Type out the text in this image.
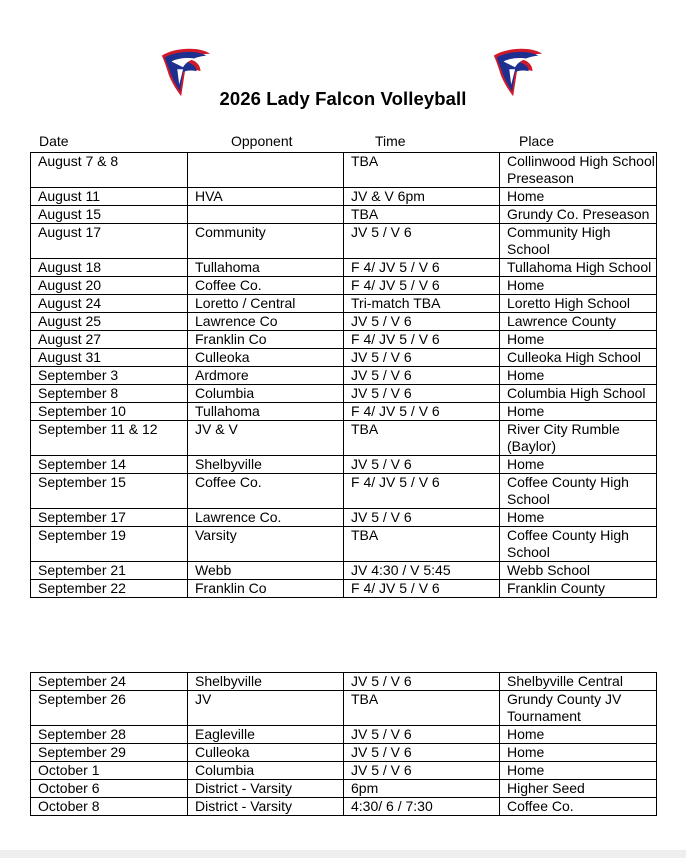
2026 Lady Falcon Volleyball
Date	Opponent	Time	Place
August 7 & 8		TBA	Collinwood High School Preseason
August 11	HVA	JV & V 6pm	Home
August 15		TBA	Grundy Co. Preseason
August 17	Community	JV 5 / V 6	Community High School
August 18	Tullahoma	F 4/ JV 5 / V 6	Tullahoma High School
August 20	Coffee Co.	F 4/ JV 5 / V 6	Home
August 24	Loretto / Central	Tri-match TBA	Loretto High School
August 25	Lawrence Co	JV 5 / V 6	Lawrence County
August 27	Franklin Co	F 4/ JV 5 / V 6	Home
August 31	Culleoka	JV 5 / V 6	Culleoka High School
September 3	Ardmore	JV 5 / V 6	Home
September 8	Columbia	JV 5 / V 6	Columbia High School
September 10	Tullahoma	F 4/ JV 5 / V 6	Home
September 11 & 12	JV & V	TBA	River City Rumble (Baylor)
September 14	Shelbyville	JV 5 / V 6	Home
September 15	Coffee Co.	F 4/ JV 5 / V 6	Coffee County High School
September 17	Lawrence Co.	JV 5 / V 6	Home
September 19	Varsity	TBA	Coffee County High School
September 21	Webb	JV 4:30 / V 5:45	Webb School
September 22	Franklin Co	F 4/ JV 5 / V 6	Franklin County
September 24	Shelbyville	JV 5 / V 6	Shelbyville Central
September 26	JV	TBA	Grundy County JV Tournament
September 28	Eagleville	JV 5 / V 6	Home
September 29	Culleoka	JV 5 / V 6	Home
October 1	Columbia	JV 5 / V 6	Home
October 6	District - Varsity	6pm	Higher Seed
October 8	District - Varsity	4:30/ 6 / 7:30	Coffee Co.
